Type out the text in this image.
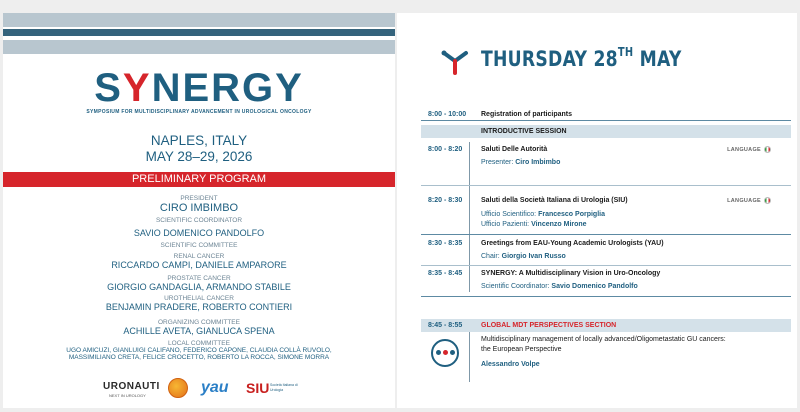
SYNERGY
SYMPOSIUM FOR MULTIDISCIPLINARY ADVANCEMENT IN UROLOGICAL ONCOLOGY
NAPLES, ITALY
MAY 28–29, 2026
PRELIMINARY PROGRAM
PRESIDENT
CIRO IMBIMBO
SCIENTIFIC COORDINATOR
SAVIO DOMENICO PANDOLFO
SCIENTIFIC COMMITTEE
RENAL CANCER
RICCARDO CAMPI, DANIELE AMPARORE
PROSTATE CANCER
GIORGIO GANDAGLIA, ARMANDO STABILE
UROTHELIAL CANCER
BENJAMIN PRADERE, ROBERTO CONTIERI
ORGANIZING COMMITTEE
ACHILLE AVETA, GIANLUCA SPENA
LOCAL COMMITTEE
UGO AMICUZI, GIANLUIGI CALIFANO, FEDERICO CAPONE, CLAUDIA COLLÀ RUVOLO,
MASSIMILIANO CRETA, FELICE CROCETTO, ROBERTO LA ROCCA, SIMONE MORRA
URONAUTI
NEXT IN UROLOGY	yau SIU Società Italiana di Urologia
THURSDAY 28TH MAY
8:00 - 10:00 Registration of participants
INTRODUCTIVE SESSION
8:00 - 8:20	Saluti Delle Autorità	LANGUAGE
Presenter: Ciro Imbimbo
8:20 - 8:30	Saluti della Società Italiana di Urologia (SIU)	LANGUAGE
Ufficio Scientifico: Francesco Porpiglia
Ufficio Pazienti: Vincenzo Mirone
8:30 - 8:35	Greetings from EAU-Young Academic Urologists (YAU)
Chair: Giorgio Ivan Russo
8:35 - 8:45	SYNERGY: A Multidisciplinary Vision in Uro-Oncology
Scientific Coordinator: Savio Domenico Pandolfo
8:45 - 8:55	GLOBAL MDT PERSPECTIVES SECTION
Multidisciplinary management of locally advanced/Oligometastatic GU cancers:
the European Perspective
Alessandro Volpe
